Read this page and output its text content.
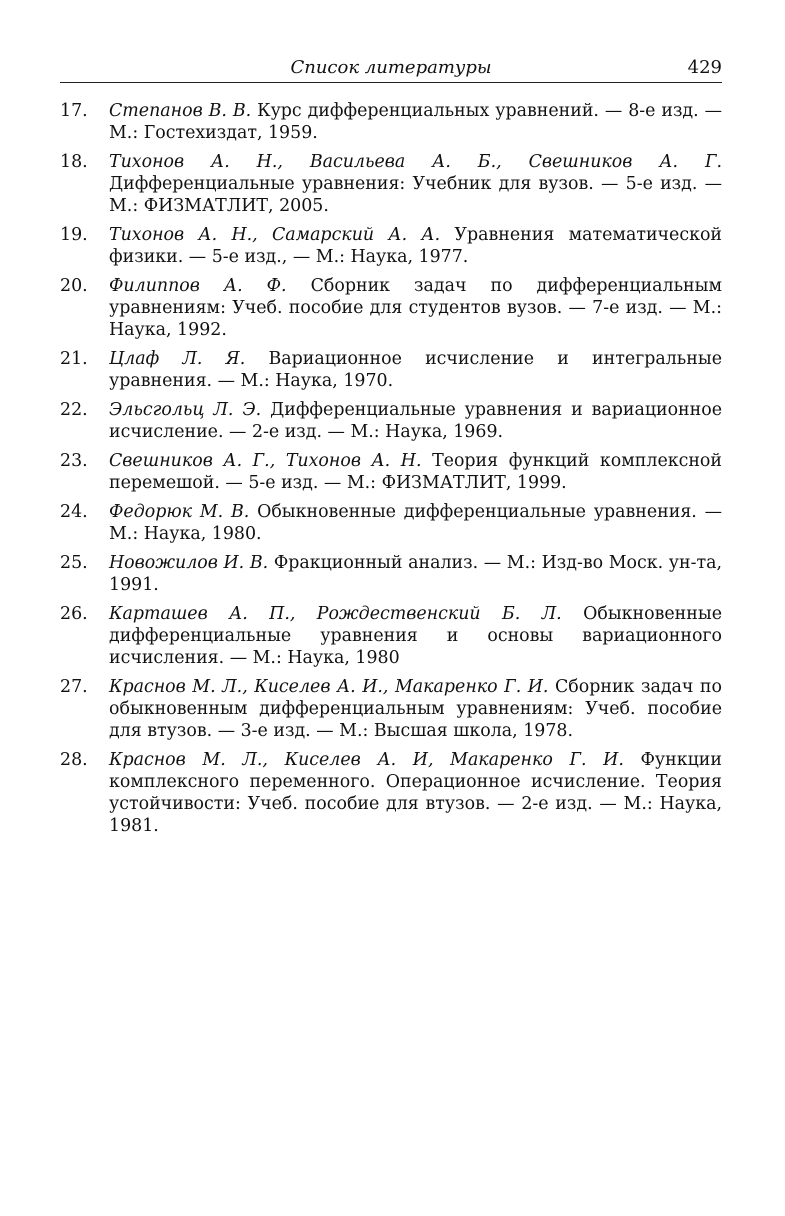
Список литературы	429
17. Степанов В. В. Курс дифференциальных уравнений. — 8-е изд. — М.: Гостехиздат, 1959.
18. Тихонов А. Н., Васильева А. Б., Свешников А. Г. Дифференциальные уравнения: Учебник для вузов. — 5-е изд. — М.: ФИЗМАТЛИТ, 2005.
19. Тихонов А. Н., Самарский А. А. Уравнения математической физики. — 5-е изд., — М.: Наука, 1977.
20. Филиппов А. Ф. Сборник задач по дифференциальным уравнениям: Учеб. пособие для студентов вузов. — 7-е изд. — М.: Наука, 1992.
21. Цлаф Л. Я. Вариационное исчисление и интегральные уравнения. — М.: Наука, 1970.
22. Эльсгольц Л. Э. Дифференциальные уравнения и вариационное исчисление. — 2-е изд. — М.: Наука, 1969.
23. Свешников А. Г., Тихонов А. Н. Теория функций комплексной перемешой. — 5-е изд. — М.: ФИЗМАТЛИТ, 1999.
24. Федорюк М. В. Обыкновенные дифференциальные уравнения. — М.: Наука, 1980.
25. Новожилов И. В. Фракционный анализ. — М.: Изд-во Моск. ун-та, 1991.
26. Карташев А. П., Рождественский Б. Л. Обыкновенные дифференциальные уравнения и основы вариационного исчисления. — М.: Наука, 1980
27. Краснов М. Л., Киселев А. И., Макаренко Г. И. Сборник задач по обыкновенным дифференциальным уравнениям: Учеб. пособие для втузов. — 3-е изд. — М.: Высшая школа, 1978.
28. Краснов М. Л., Киселев А. И, Макаренко Г. И. Функции комплексного переменного. Операционное исчисление. Теория устойчивости: Учеб. пособие для втузов. — 2-е изд. — М.: Наука, 1981.
